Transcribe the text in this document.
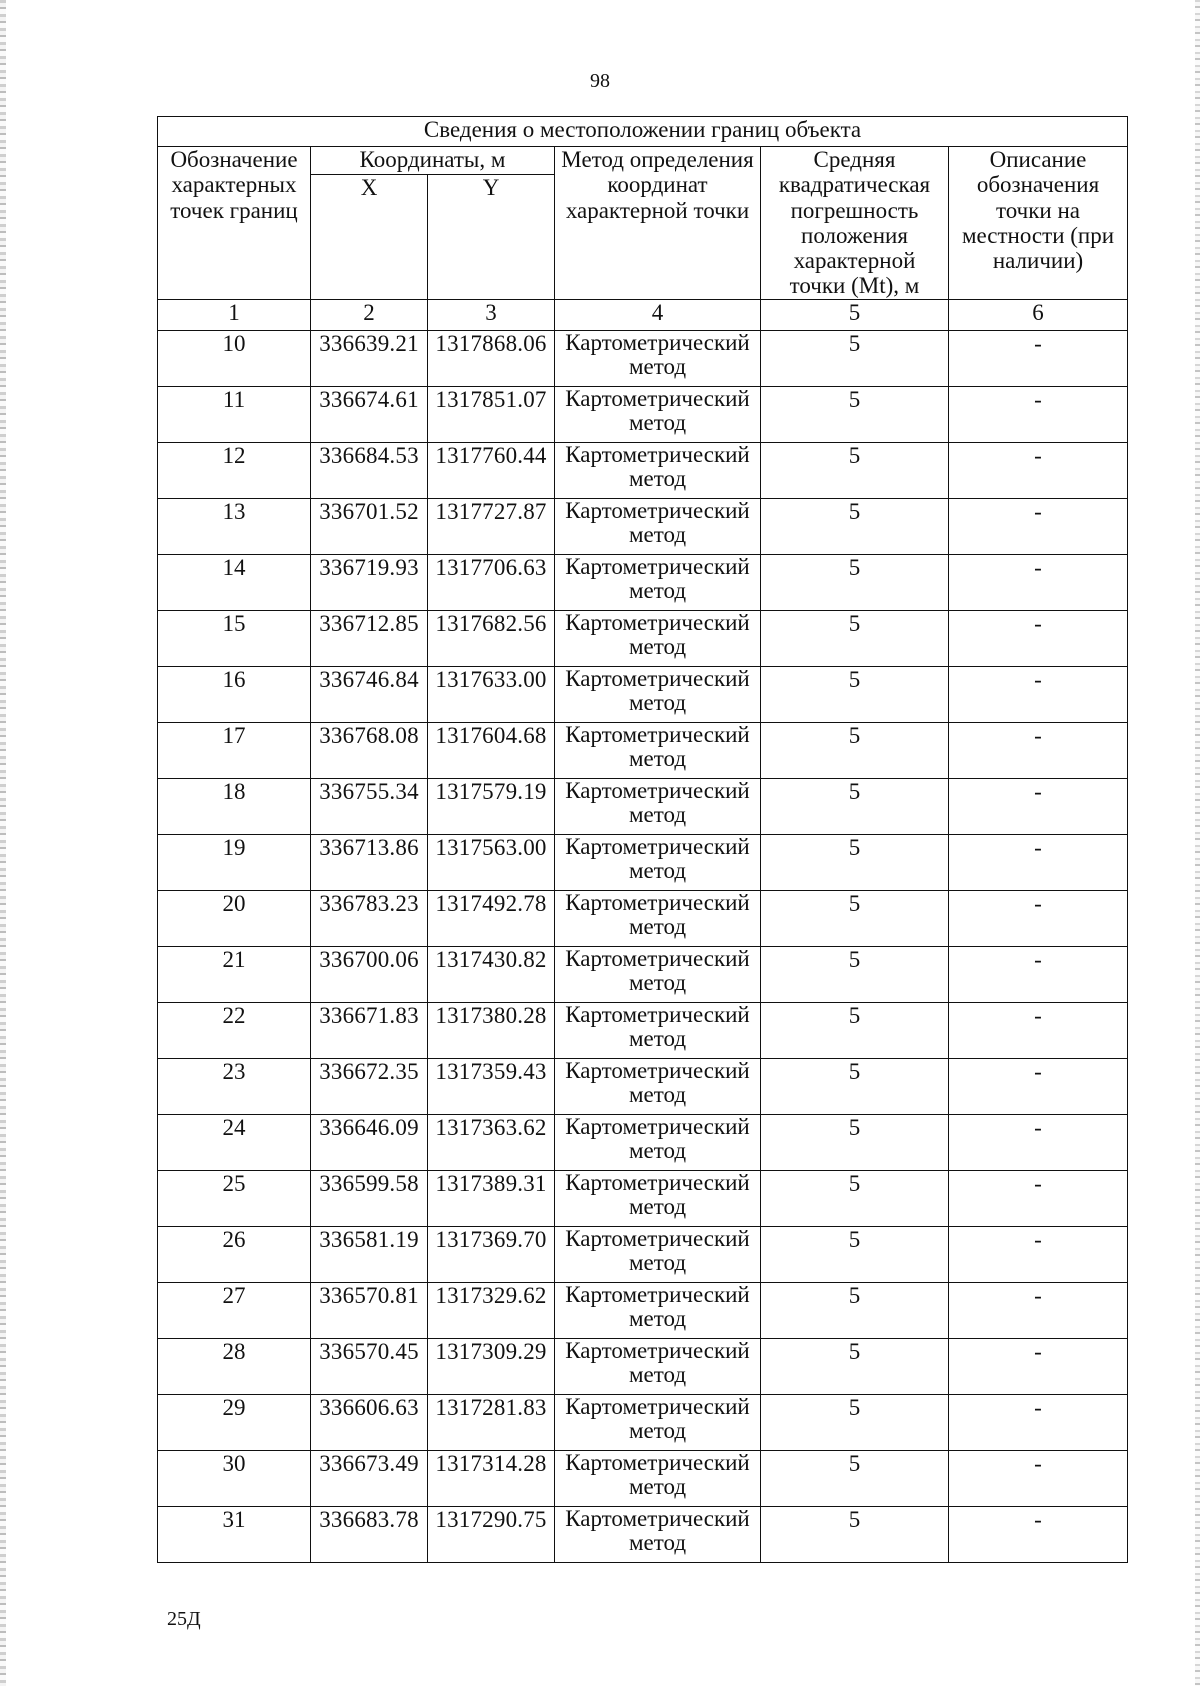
98
Сведения о местоположении границ объекта					
Обозначение характерных точек границ	Координаты, м		Метод определения координат характерной точки	Средняя квадратическая погрешность положения характерной точки (Mt), м	Описание обозначения точки на местности (при наличии)
	X	Y			
1	2	3	4	5	6
10	336639.21	1317868.06	Картометрический метод	5	-
11	336674.61	1317851.07	Картометрический метод	5	-
12	336684.53	1317760.44	Картометрический метод	5	-
13	336701.52	1317727.87	Картометрический метод	5	-
14	336719.93	1317706.63	Картометрический метод	5	-
15	336712.85	1317682.56	Картометрический метод	5	-
16	336746.84	1317633.00	Картометрический метод	5	-
17	336768.08	1317604.68	Картометрический метод	5	-
18	336755.34	1317579.19	Картометрический метод	5	-
19	336713.86	1317563.00	Картометрический метод	5	-
20	336783.23	1317492.78	Картометрический метод	5	-
21	336700.06	1317430.82	Картометрический метод	5	-
22	336671.83	1317380.28	Картометрический метод	5	-
23	336672.35	1317359.43	Картометрический метод	5	-
24	336646.09	1317363.62	Картометрический метод	5	-
25	336599.58	1317389.31	Картометрический метод	5	-
26	336581.19	1317369.70	Картометрический метод	5	-
27	336570.81	1317329.62	Картометрический метод	5	-
28	336570.45	1317309.29	Картометрический метод	5	-
29	336606.63	1317281.83	Картометрический метод	5	-
30	336673.49	1317314.28	Картометрический метод	5	-
31	336683.78	1317290.75	Картометрический метод	5	-
25Д
